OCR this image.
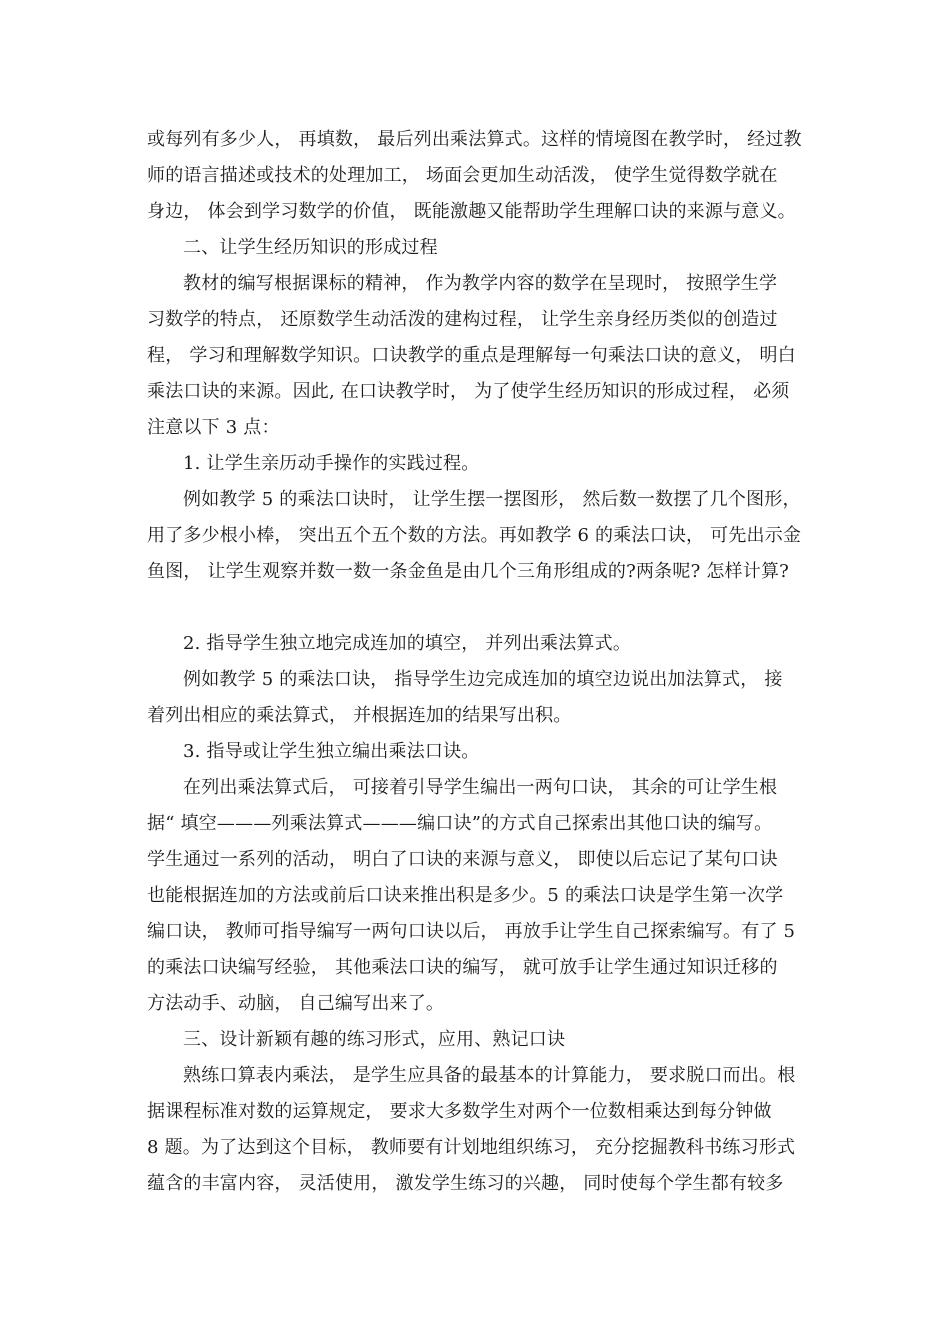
或每列有多少人， 再填数， 最后列出乘法算式。这样的情境图在教学时， 经过教
师的语言描述或技术的处理加工， 场面会更加生动活泼， 使学生觉得数学就在
身边， 体会到学习数学的价值， 既能激趣又能帮助学生理解口诀的来源与意义。
二、让学生经历知识的形成过程
教材的编写根据课标的精神， 作为教学内容的数学在呈现时， 按照学生学
习数学的特点， 还原数学生动活泼的建构过程， 让学生亲身经历类似的创造过
程， 学习和理解数学知识。口诀教学的重点是理解每一句乘法口诀的意义， 明白
乘法口诀的来源。因此, 在口诀教学时， 为了使学生经历知识的形成过程， 必须
注意以下 3 点：
1. 让学生亲历动手操作的实践过程。
例如教学 5 的乘法口诀时， 让学生摆一摆图形， 然后数一数摆了几个图形，
用了多少根小棒， 突出五个五个数的方法。再如教学 6 的乘法口诀， 可先出示金
鱼图， 让学生观察并数一数一条金鱼是由几个三角形组成的?两条呢? 怎样计算?
2. 指导学生独立地完成连加的填空， 并列出乘法算式。
例如教学 5 的乘法口诀， 指导学生边完成连加的填空边说出加法算式， 接
着列出相应的乘法算式， 并根据连加的结果写出积。
3. 指导或让学生独立编出乘法口诀。
在列出乘法算式后， 可接着引导学生编出一两句口诀， 其余的可让学生根
据“ 填空———列乘法算式———编口诀”的方式自己探索出其他口诀的编写。
学生通过一系列的活动， 明白了口诀的来源与意义， 即使以后忘记了某句口诀
也能根据连加的方法或前后口诀来推出积是多少。5 的乘法口诀是学生第一次学
编口诀， 教师可指导编写一两句口诀以后， 再放手让学生自己探索编写。有了 5
的乘法口诀编写经验， 其他乘法口诀的编写， 就可放手让学生通过知识迁移的
方法动手、动脑， 自己编写出来了。
三、设计新颖有趣的练习形式，应用、熟记口诀
熟练口算表内乘法， 是学生应具备的最基本的计算能力， 要求脱口而出。根
据课程标准对数的运算规定， 要求大多数学生对两个一位数相乘达到每分钟做
8 题。为了达到这个目标， 教师要有计划地组织练习， 充分挖掘教科书练习形式
蕴含的丰富内容， 灵活使用， 激发学生练习的兴趣， 同时使每个学生都有较多
